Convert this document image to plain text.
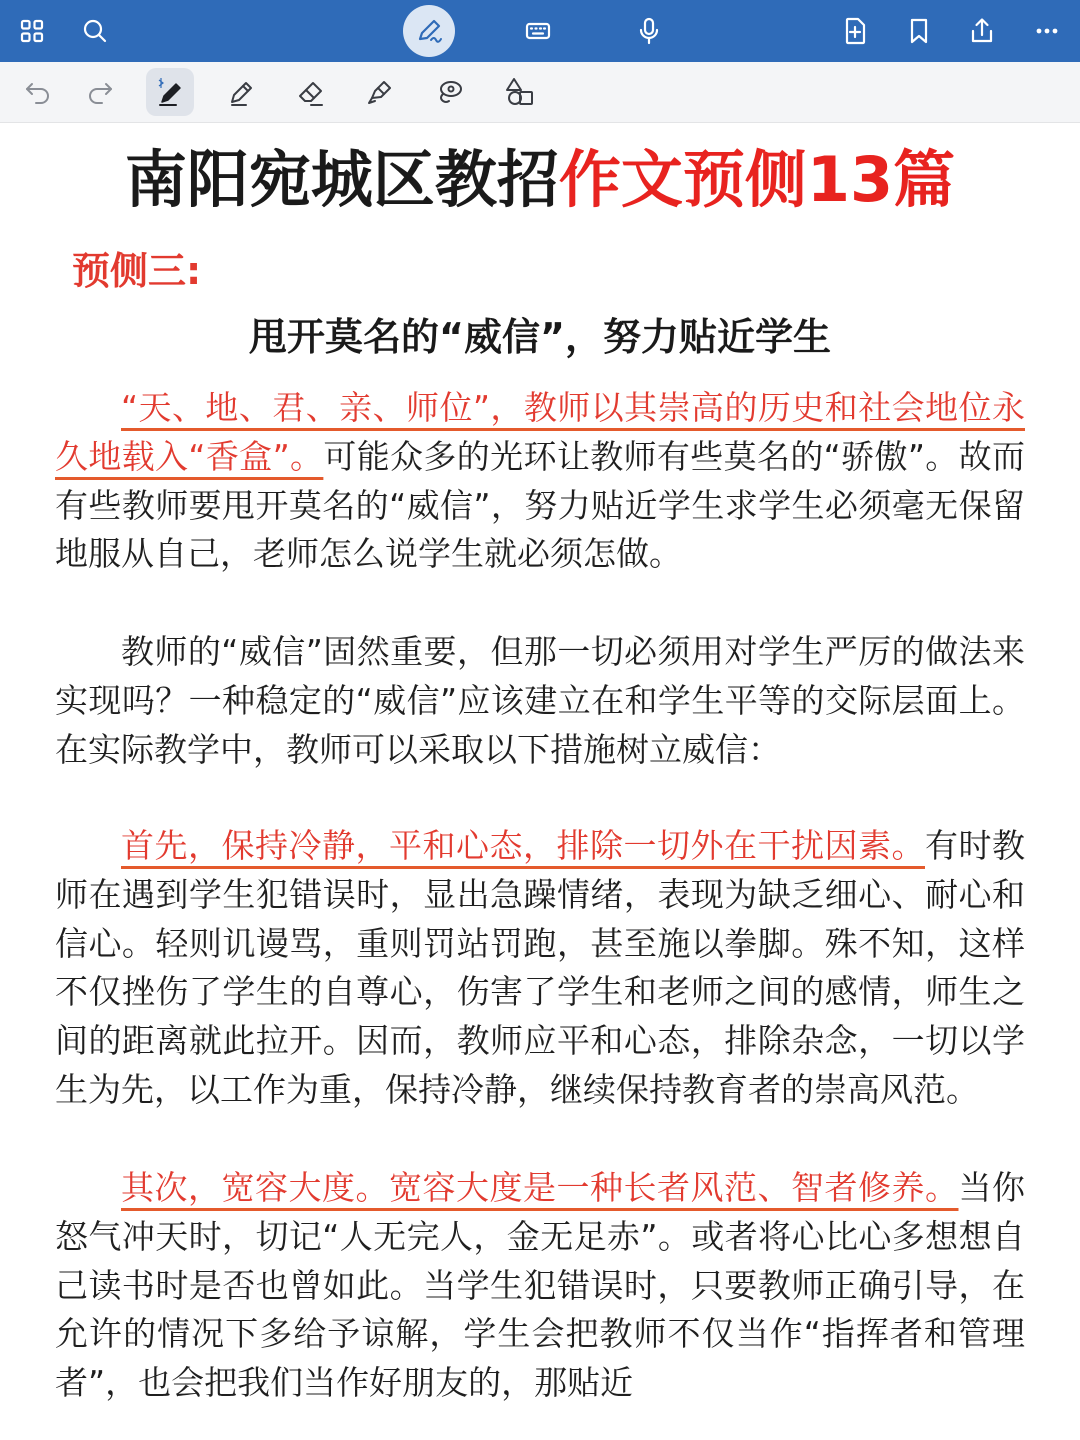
南阳宛城区教招作文预侧13篇
预侧三:
甩开莫名的“威信”，努力贴近学生

“天、地、君、亲、师位”，教师以其崇高的历史和社会地位永久地载入“香盒”。可能众多的光环让教师有些莫名的“骄傲”。故而有些教师要甩开莫名的“威信”，努力贴近学生求学生必须毫无保留地服从自己，老师怎么说学生就必须怎做。

教师的“威信”固然重要，但那一切必须用对学生严厉的做法来实现吗？一种稳定的“威信”应该建立在和学生平等的交际层面上。在实际教学中，教师可以采取以下措施树立威信：

首先，保持冷静，平和心态，排除一切外在干扰因素。有时教师在遇到学生犯错误时，显出急躁情绪，表现为缺乏细心、耐心和信心。轻则讥谩骂，重则罚站罚跑，甚至施以拳脚。殊不知，这样不仅挫伤了学生的自尊心，伤害了学生和老师之间的感情，师生之间的距离就此拉开。因而，教师应平和心态，排除杂念，一切以学生为先，以工作为重，保持冷静，继续保持教育者的崇高风范。

其次，宽容大度。宽容大度是一种长者风范、智者修养。当你怒气冲天时，切记“人无完人，金无足赤”。或者将心比心多想想自己读书时是否也曾如此。当学生犯错误时，只要教师正确引导，在允许的情况下多给予谅解，学生会把教师不仅当作“指挥者和管理者”，也会把我们当作好朋友的，那贴近
